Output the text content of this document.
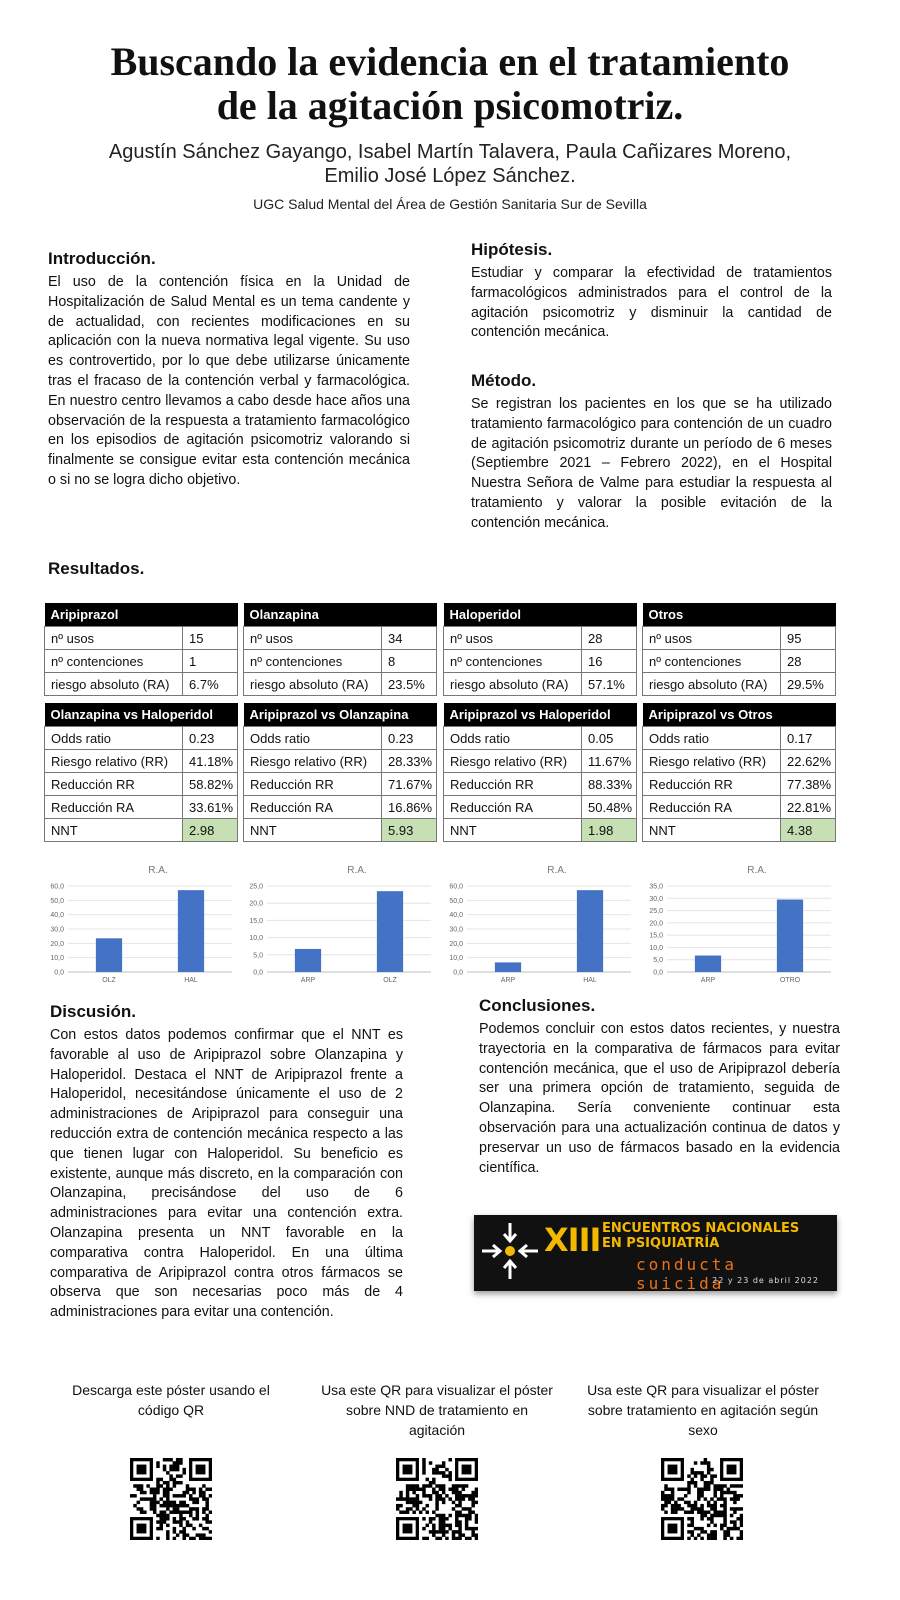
Buscando la evidencia en el tratamiento
de la agitación psicomotriz.
Agustín Sánchez Gayango, Isabel Martín Talavera, Paula Cañizares Moreno,
Emilio José López Sánchez.
UGC Salud Mental del Área de Gestión Sanitaria Sur de Sevilla
Introducción.

El uso de la contención física en la Unidad de Hospitalización de Salud Mental es un tema candente y de actualidad, con recientes modificaciones en su aplicación con la nueva normativa legal vigente. Su uso es controvertido, por lo que debe utilizarse únicamente tras el fracaso de la contención verbal y farmacológica. En nuestro centro llevamos a cabo desde hace años una observación de la respuesta a tratamiento farmacológico en los episodios de agitación psicomotriz valorando si finalmente se consigue evitar esta contención mecánica o si no se logra dicho objetivo.

Hipótesis.

Estudiar y comparar la efectividad de tratamientos farmacológicos administrados para el control de la agitación psicomotriz y disminuir la cantidad de contención mecánica.

Método.

Se registran los pacientes en los que se ha utilizado tratamiento farmacológico para contención de un cuadro de agitación psicomotriz durante un período de 6 meses (Septiembre 2021 – Febrero 2022), en el Hospital Nuestra Señora de Valme para estudiar la respuesta al tratamiento y valorar la posible evitación de la contención mecánica.

Resultados.
Aripiprazol	
nº usos	15
nº contenciones	1
riesgo absoluto (RA)	6.7%
Olanzapina	
nº usos	34
nº contenciones	8
riesgo absoluto (RA)	23.5%
Haloperidol	
nº usos	28
nº contenciones	16
riesgo absoluto (RA)	57.1%
Otros	
nº usos	95
nº contenciones	28
riesgo absoluto (RA)	29.5%
Olanzapina vs Haloperidol	
Odds ratio	0.23
Riesgo relativo (RR)	41.18%
Reducción RR	58.82%
Reducción RA	33.61%
NNT	2.98
Aripiprazol vs Olanzapina	
Odds ratio	0.23
Riesgo relativo (RR)	28.33%
Reducción RR	71.67%
Reducción RA	16.86%
NNT	5.93
Aripiprazol vs Haloperidol	
Odds ratio	0.05
Riesgo relativo (RR)	11.67%
Reducción RR	88.33%
Reducción RA	50.48%
NNT	1.98
Aripiprazol vs Otros	
Odds ratio	0.17
Riesgo relativo (RR)	22.62%
Reducción RR	77.38%
Reducción RA	22.81%
NNT	4.38
R.A.
0,0
10,0
20,0
30,0
40,0
50,0
60,0
OLZ	HAL
R.A.
0,0
5,0
10,0
15,0
20,0
25,0
ARP	OLZ
R.A.
0,0
10,0
20,0
30,0
40,0
50,0
60,0
ARP	HAL
R.A.
0,0
5,0
10,0
15,0
20,0
25,0
30,0
35,0
ARP	OTRO
Discusión.

Con estos datos podemos confirmar que el NNT es favorable al uso de Aripiprazol sobre Olanzapina y Haloperidol. Destaca el NNT de Aripiprazol frente a Haloperidol, necesitándose únicamente el uso de 2 administraciones de Aripiprazol para conseguir una reducción extra de contención mecánica respecto a las que tienen lugar con Haloperidol. Su beneficio es existente, aunque más discreto, en la comparación con Olanzapina, precisándose del uso de 6 administraciones para evitar una contención extra. Olanzapina presenta un NNT favorable en la comparativa contra Haloperidol. En una última comparativa de Aripiprazol contra otros fármacos se observa que son necesarias poco más de 4 administraciones para evitar una contención.

Conclusiones.

Podemos concluir con estos datos recientes, y nuestra trayectoria en la comparativa de fármacos para evitar contención mecánica, que el uso de Aripiprazol debería ser una primera opción de tratamiento, seguida de Olanzapina. Sería conveniente continuar esta observación para una actualización continua de datos y preservar un uso de fármacos basado en la evidencia científica.

XIII ENCUENTROS NACIONALES
EN PSIQUIATRÍA
conducta suicida
22 y 23 de abril 2022
Descarga este póster usando el código QR
Usa este QR para visualizar el póster sobre NND de tratamiento en agitación
Usa este QR para visualizar el póster sobre tratamiento en agitación según sexo
